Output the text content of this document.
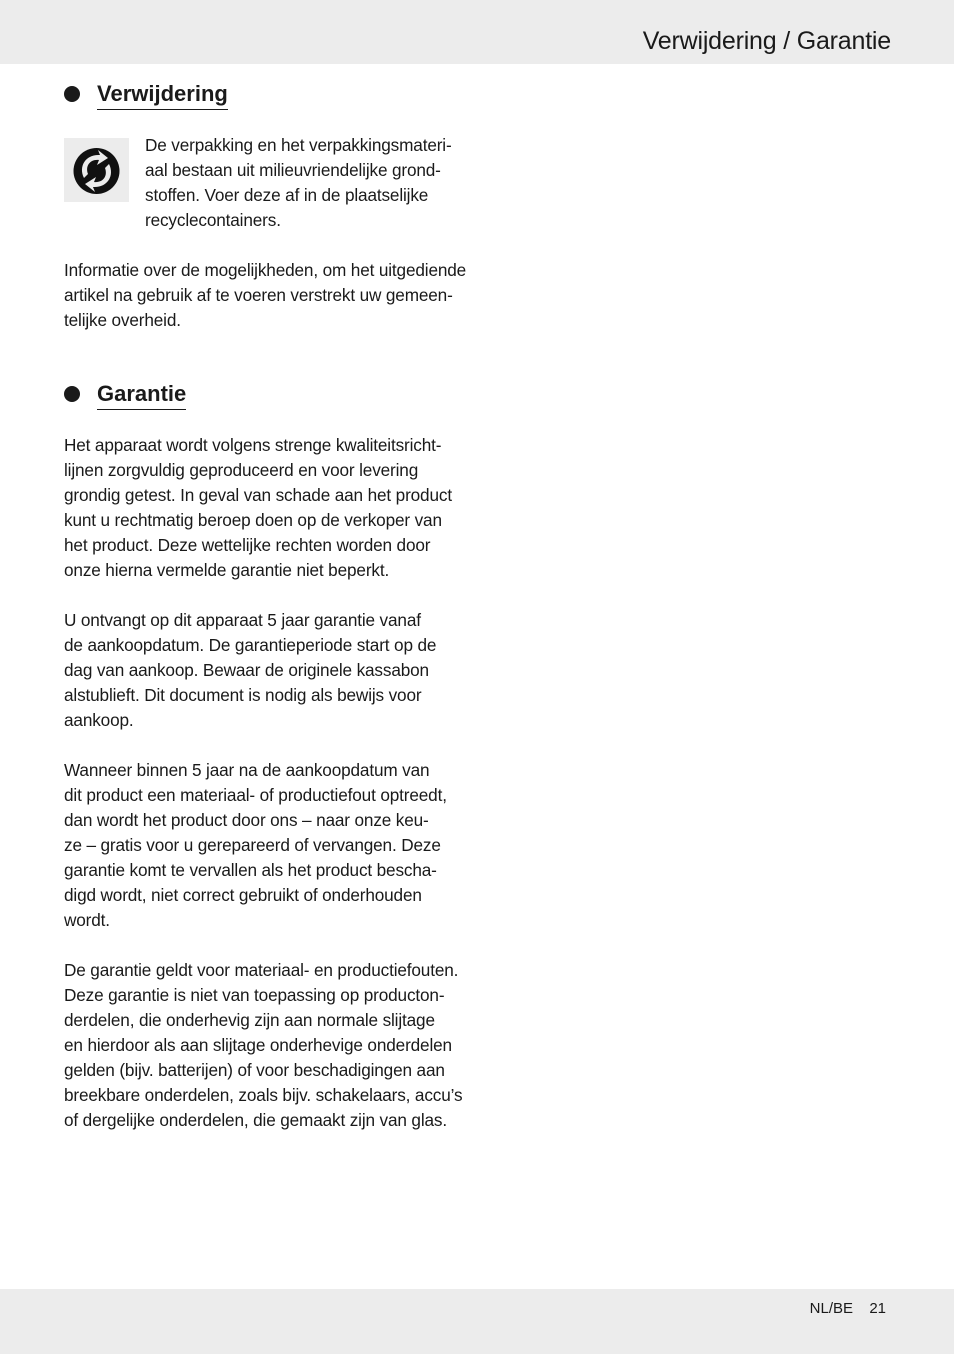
Verwijdering / Garantie
Verwijdering
De verpakking en het verpakkingsmateri-
aal bestaan uit milieuvriendelijke grond-
stoffen. Voer deze af in de plaatselijke
recyclecontainers.
Informatie over de mogelijkheden, om het uitgediende
artikel na gebruik af te voeren verstrekt uw gemeen-
telijke overheid.
Garantie
Het apparaat wordt volgens strenge kwaliteitsricht-
lijnen zorgvuldig geproduceerd en voor levering
grondig getest. In geval van schade aan het product
kunt u rechtmatig beroep doen op de verkoper van
het product. Deze wettelijke rechten worden door
onze hierna vermelde garantie niet beperkt.
U ontvangt op dit apparaat 5 jaar garantie vanaf
de aankoopdatum. De garantieperiode start op de
dag van aankoop. Bewaar de originele kassabon
alstublieft. Dit document is nodig als bewijs voor
aankoop.
Wanneer binnen 5 jaar na de aankoopdatum van
dit product een materiaal- of productiefout optreedt,
dan wordt het product door ons – naar onze keu-
ze – gratis voor u gerepareerd of vervangen. Deze
garantie komt te vervallen als het product bescha-
digd wordt, niet correct gebruikt of onderhouden
wordt.
De garantie geldt voor materiaal- en productiefouten.
Deze garantie is niet van toepassing op producton-
derdelen, die onderhevig zijn aan normale slijtage
en hierdoor als aan slijtage onderhevige onderdelen
gelden (bijv. batterijen) of voor beschadigingen aan
breekbare onderdelen, zoals bijv. schakelaars, accu’s
of dergelijke onderdelen, die gemaakt zijn van glas.
NL/BE 21
